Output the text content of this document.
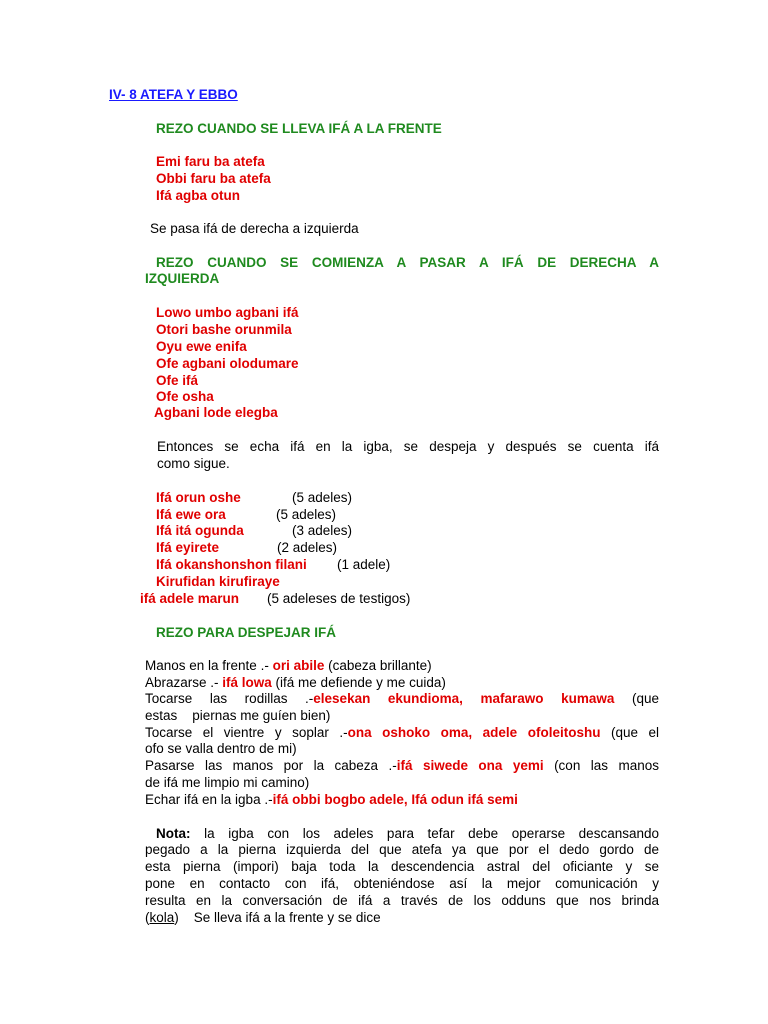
IV- 8 ATEFA Y EBBO
REZO CUANDO SE LLEVA IFÁ A LA FRENTE
Emi faru ba atefa
Obbi faru ba atefa
Ifá agba otun
Se pasa ifá de derecha a izquierda
REZO CUANDO SE COMIENZA A PASAR A IFÁ DE DERECHA A
IZQUIERDA
Lowo umbo agbani ifá
Otori bashe orunmila
Oyu ewe enifa
Ofe agbani olodumare
Ofe ifá
Ofe osha
Agbani lode elegba
Entonces se echa ifá en la igba, se despeja y después se cuenta ifá
como sigue.
Ifá orun oshe	(5 adeles)
Ifá ewe ora	(5 adeles)
Ifá itá ogunda	(3 adeles)
Ifá eyirete	(2 adeles)
Ifá okanshonshon filani (1 adele)
Kirufidan kirufiraye
ifá adele marun (5 adeleses de testigos)
REZO PARA DESPEJAR IFÁ
Manos en la frente .- ori abile (cabeza brillante)
Abrazarse .- ifá lowa (ifá me defiende y me cuida)
Tocarse las rodillas .-elesekan ekundioma, mafarawo kumawa (que
estas    piernas me guíen bien)
Tocarse el vientre y soplar .-ona oshoko oma, adele ofoleitoshu (que el
ofo se valla dentro de mi)
Pasarse las manos por la cabeza .-ifá siwede ona yemi (con las manos
de ifá me limpio mi camino)
Echar ifá en la igba .-ifá obbi bogbo adele, Ifá odun ifá semi
Nota: la igba con los adeles para tefar debe operarse descansando
pegado a la pierna izquierda del que atefa ya que por el dedo gordo de
esta pierna (impori) baja toda la descendencia astral del oficiante y se
pone en contacto con ifá, obteniéndose así la mejor comunicación y
resulta en la conversación de ifá a través de los odduns que nos brinda
(kola)    Se lleva ifá a la frente y se dice
